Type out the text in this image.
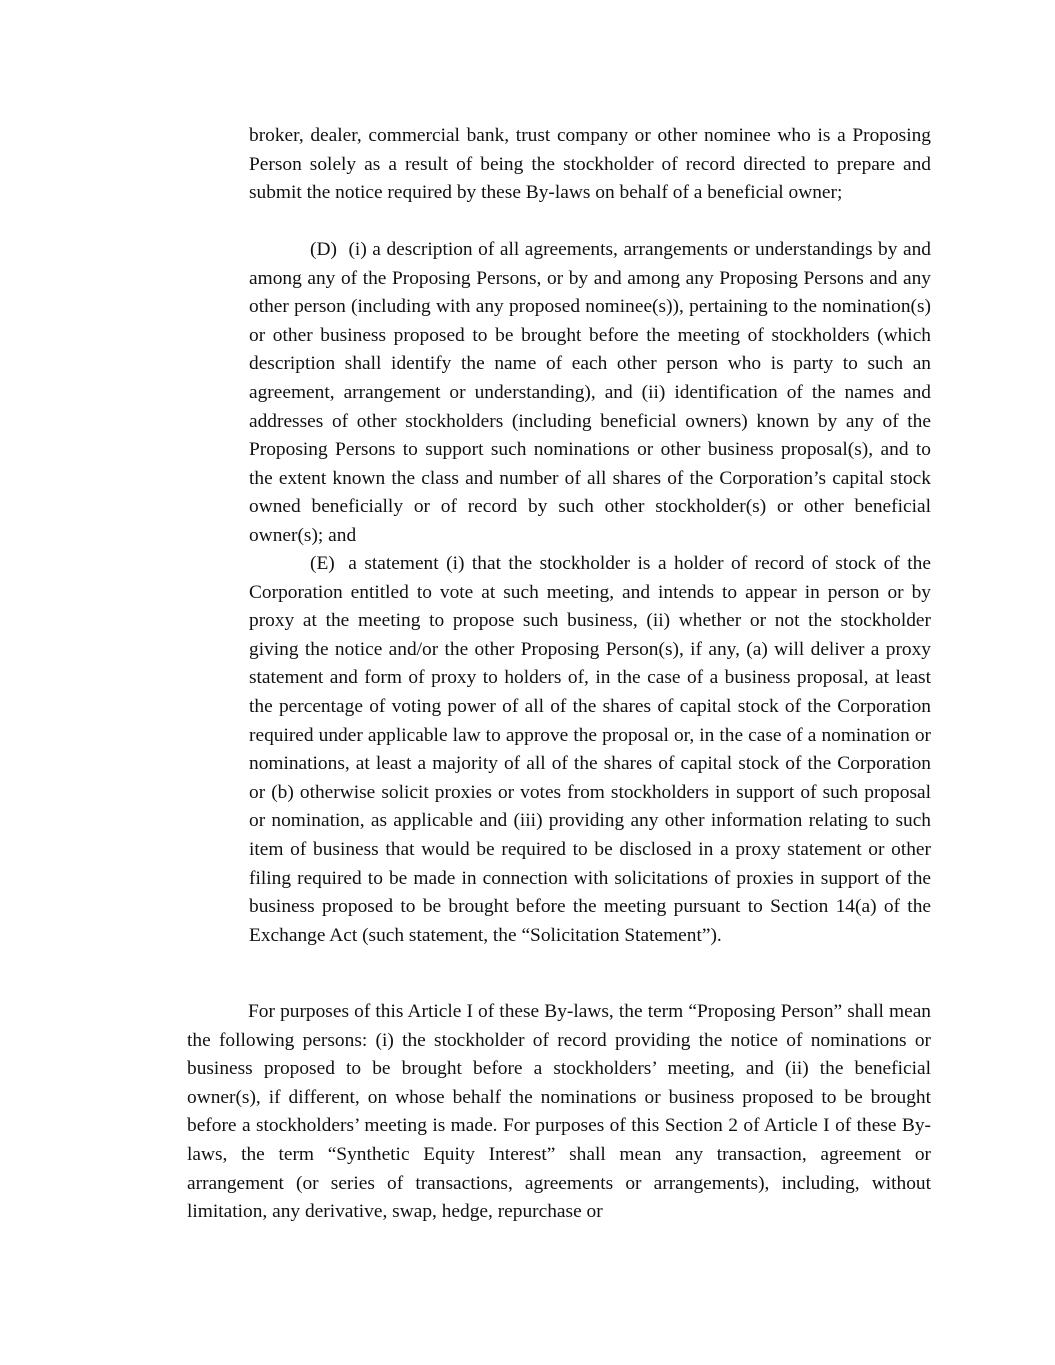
broker, dealer, commercial bank, trust company or other nominee who is a Proposing Person solely as a result of being the stockholder of record directed to prepare and submit the notice required by these By-laws on behalf of a beneficial owner;

(D) (i) a description of all agreements, arrangements or understandings by and among any of the Proposing Persons, or by and among any Proposing Persons and any other person (including with any proposed nominee(s)), pertaining to the nomination(s) or other business proposed to be brought before the meeting of stockholders (which description shall identify the name of each other person who is party to such an agreement, arrangement or understanding), and (ii) identification of the names and addresses of other stockholders (including beneficial owners) known by any of the Proposing Persons to support such nominations or other business proposal(s), and to the extent known the class and number of all shares of the Corporation’s capital stock owned beneficially or of record by such other stockholder(s) or other beneficial owner(s); and

(E) a statement (i) that the stockholder is a holder of record of stock of the Corporation entitled to vote at such meeting, and intends to appear in person or by proxy at the meeting to propose such business, (ii) whether or not the stockholder giving the notice and/or the other Proposing Person(s), if any, (a) will deliver a proxy statement and form of proxy to holders of, in the case of a business proposal, at least the percentage of voting power of all of the shares of capital stock of the Corporation required under applicable law to approve the proposal or, in the case of a nomination or nominations, at least a majority of all of the shares of capital stock of the Corporation or (b) otherwise solicit proxies or votes from stockholders in support of such proposal or nomination, as applicable and (iii) providing any other information relating to such item of business that would be required to be disclosed in a proxy statement or other filing required to be made in connection with solicitations of proxies in support of the business proposed to be brought before the meeting pursuant to Section 14(a) of the Exchange Act (such statement, the “Solicitation Statement”).

For purposes of this Article I of these By-laws, the term “Proposing Person” shall mean the following persons: (i) the stockholder of record providing the notice of nominations or business proposed to be brought before a stockholders’ meeting, and (ii) the beneficial owner(s), if different, on whose behalf the nominations or business proposed to be brought before a stockholders’ meeting is made. For purposes of this Section 2 of Article I of these By-laws, the term “Synthetic Equity Interest” shall mean any transaction, agreement or arrangement (or series of transactions, agreements or arrangements), including, without limitation, any derivative, swap, hedge, repurchase or
